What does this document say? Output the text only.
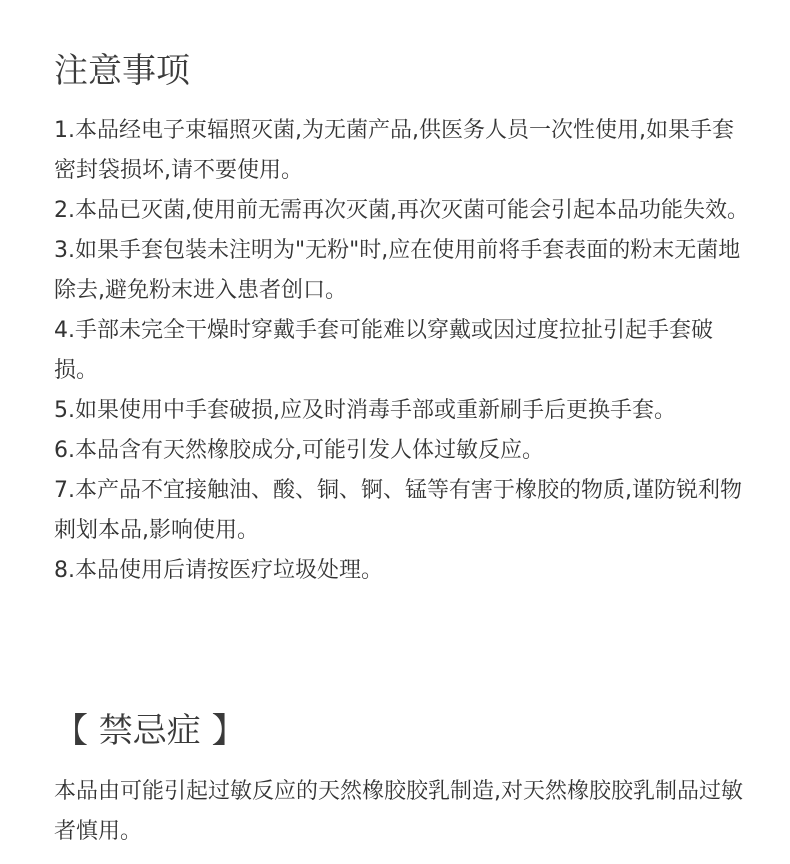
注意事项
1.本品经电子束辐照灭菌,为无菌产品,供医务人员一次性使用,如果手套密封袋损坏,请不要使用。
2.本品已灭菌,使用前无需再次灭菌,再次灭菌可能会引起本品功能失效。
3.如果手套包装未注明为"无粉"时,应在使用前将手套表面的粉末无菌地除去,避免粉末进入患者创口。
4.手部未完全干燥时穿戴手套可能难以穿戴或因过度拉扯引起手套破损。
5.如果使用中手套破损,应及时消毒手部或重新刷手后更换手套。
6.本品含有天然橡胶成分,可能引发人体过敏反应。
7.本产品不宜接触油、酸、铜、锕、锰等有害于橡胶的物质,谨防锐利物刺划本品,影响使用。
8.本品使用后请按医疗垃圾处理。
【 禁忌症 】

本品由可能引起过敏反应的天然橡胶胶乳制造,对天然橡胶胶乳制品过敏者慎用。
